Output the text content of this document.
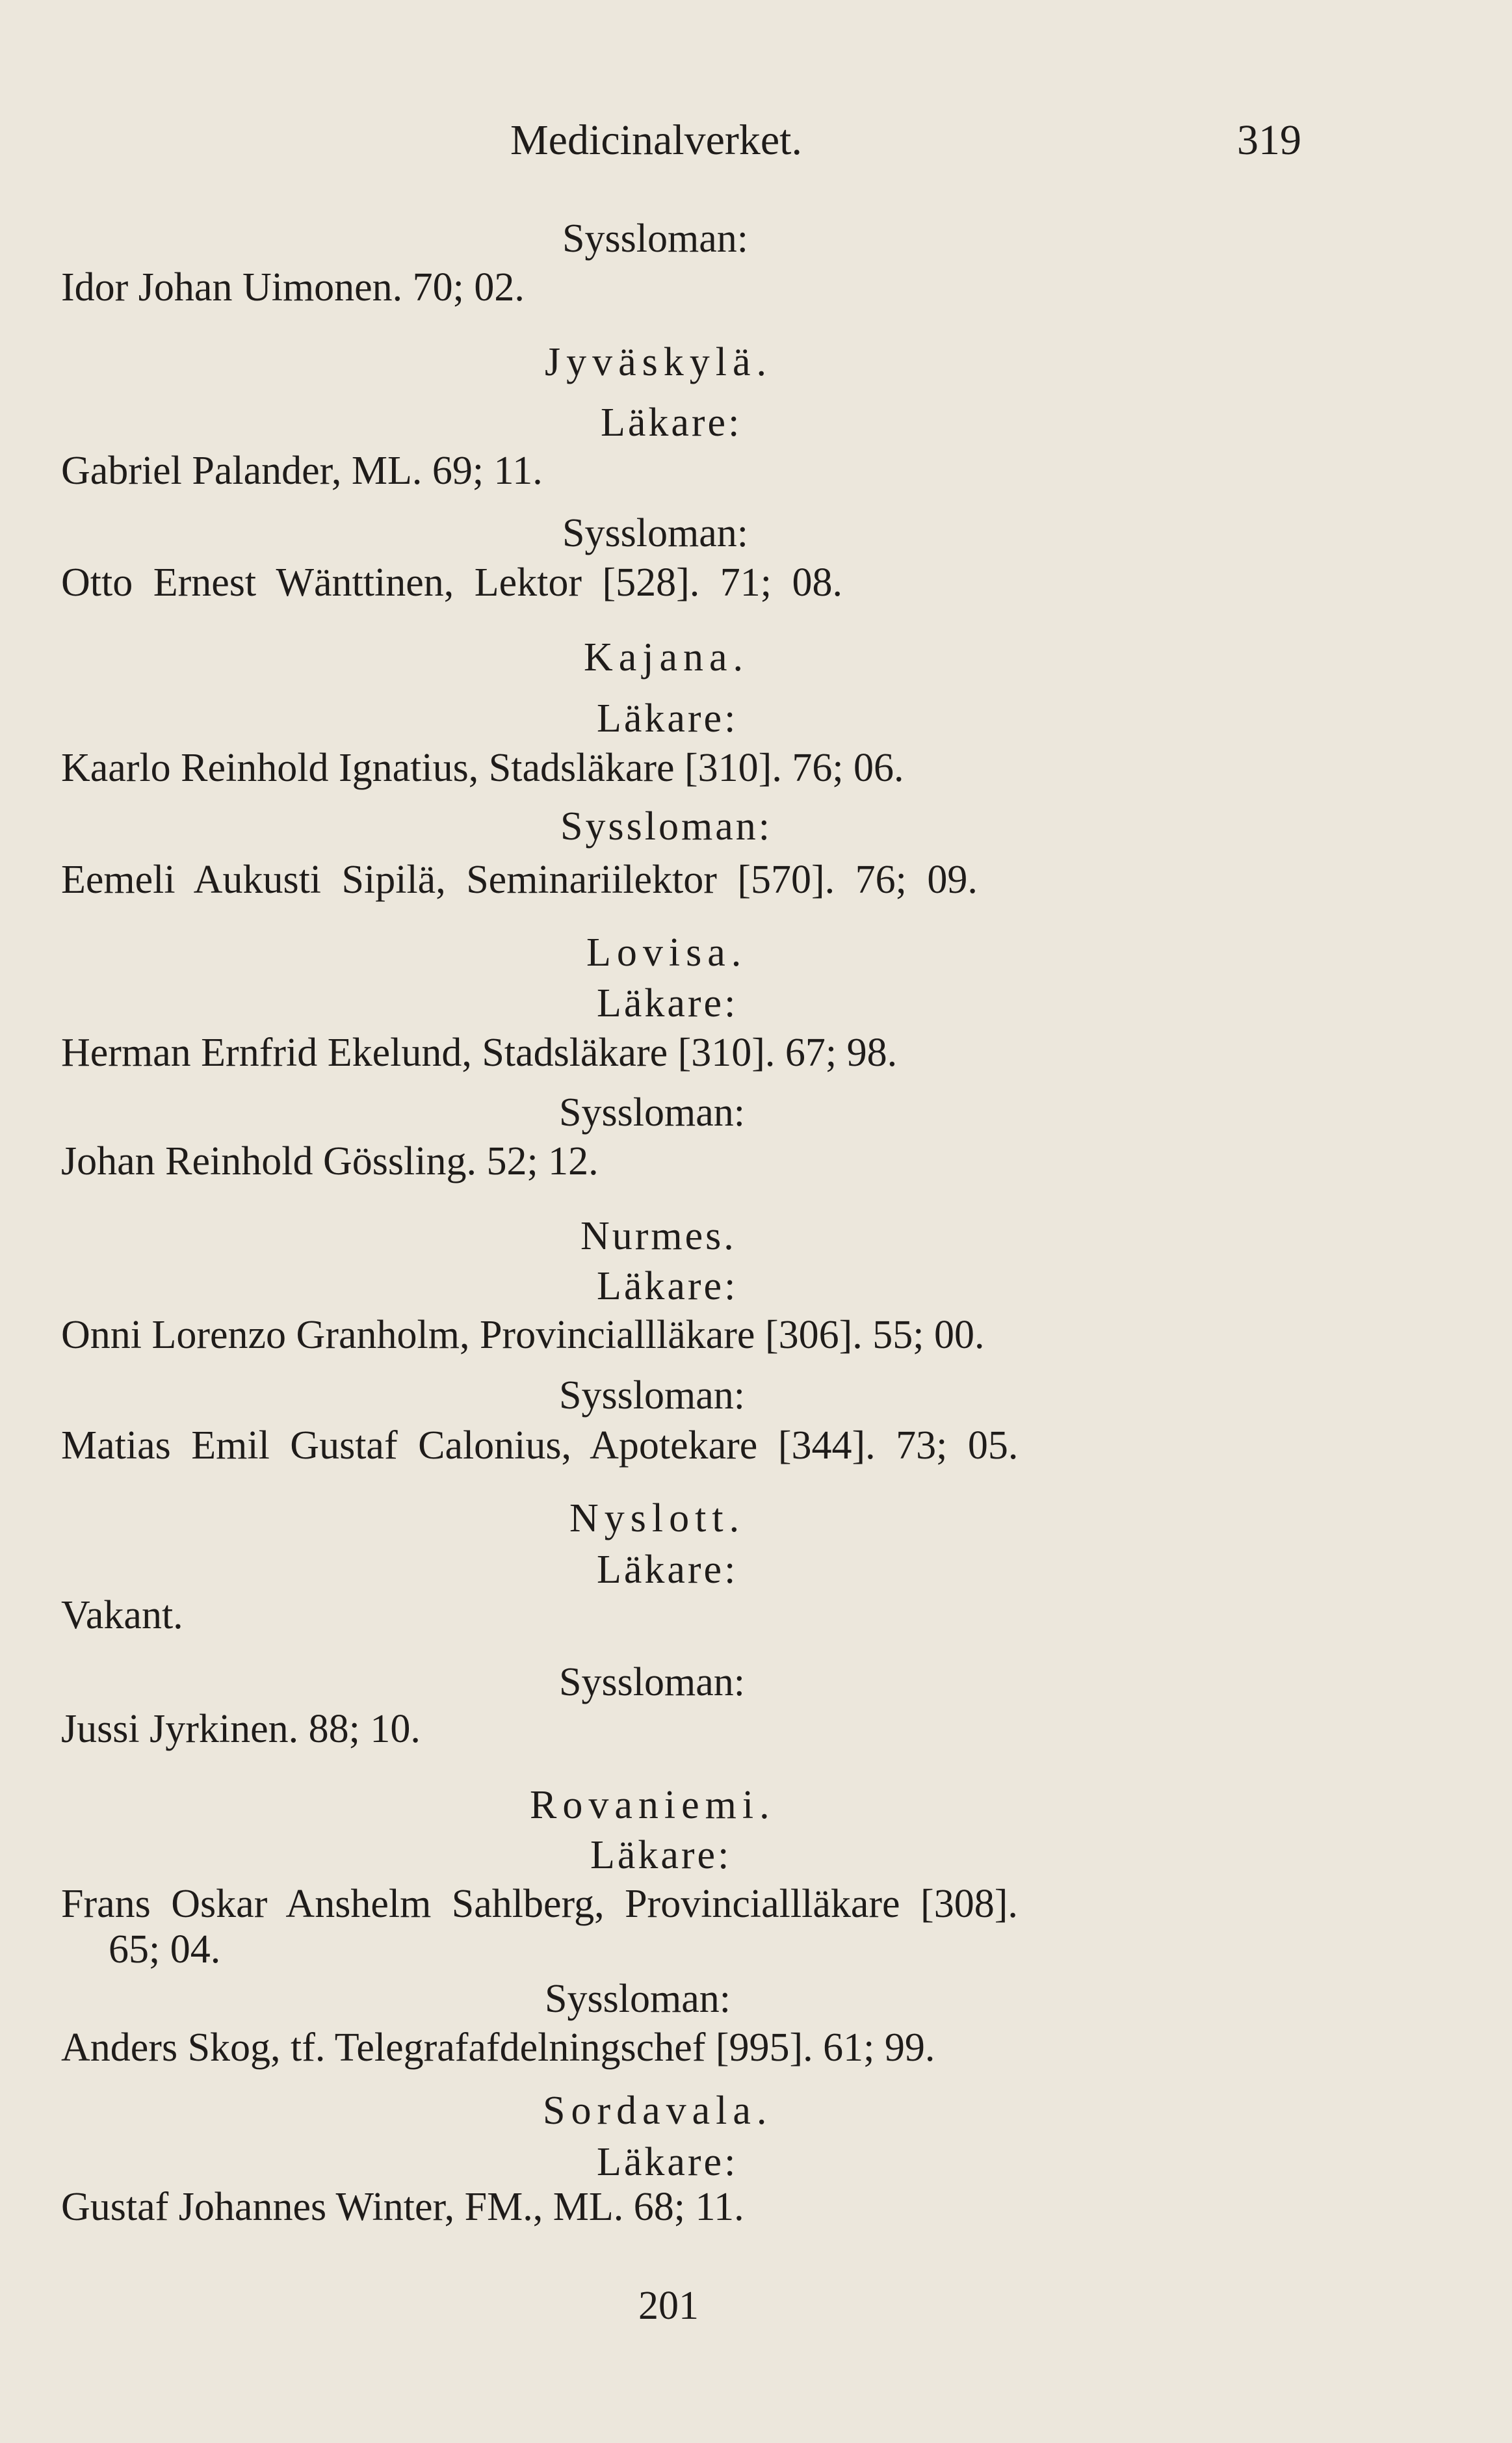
Medicinalverket.	319
Syssloman:
Idor Johan Uimonen. 70; 02.
Jyväskylä.
Läkare:
Gabriel Palander, ML. 69; 11.
Syssloman:
Otto Ernest Wänttinen, Lektor [528]. 71; 08.
Kajana.
Läkare:
Kaarlo Reinhold Ignatius, Stadsläkare [310]. 76; 06.
Syssloman:
Eemeli Aukusti Sipilä, Seminariilektor [570]. 76; 09.
Lovisa.
Läkare:
Herman Ernfrid Ekelund, Stadsläkare [310]. 67; 98.
Syssloman:
Johan Reinhold Gössling. 52; 12.
Nurmes.
Läkare:
Onni Lorenzo Granholm, Provinciallläkare [306]. 55; 00.
Syssloman:
Matias Emil Gustaf Calonius, Apotekare [344]. 73; 05.
Nyslott.
Läkare:
Vakant.
Syssloman:
Jussi Jyrkinen. 88; 10.
Rovaniemi.
Läkare:
Frans Oskar Anshelm Sahlberg, Provinciallläkare [308].
65; 04.
Syssloman:
Anders Skog, tf. Telegrafafdelningschef [995]. 61; 99.
Sordavala.
Läkare:
Gustaf Johannes Winter, FM., ML. 68; 11.
201
